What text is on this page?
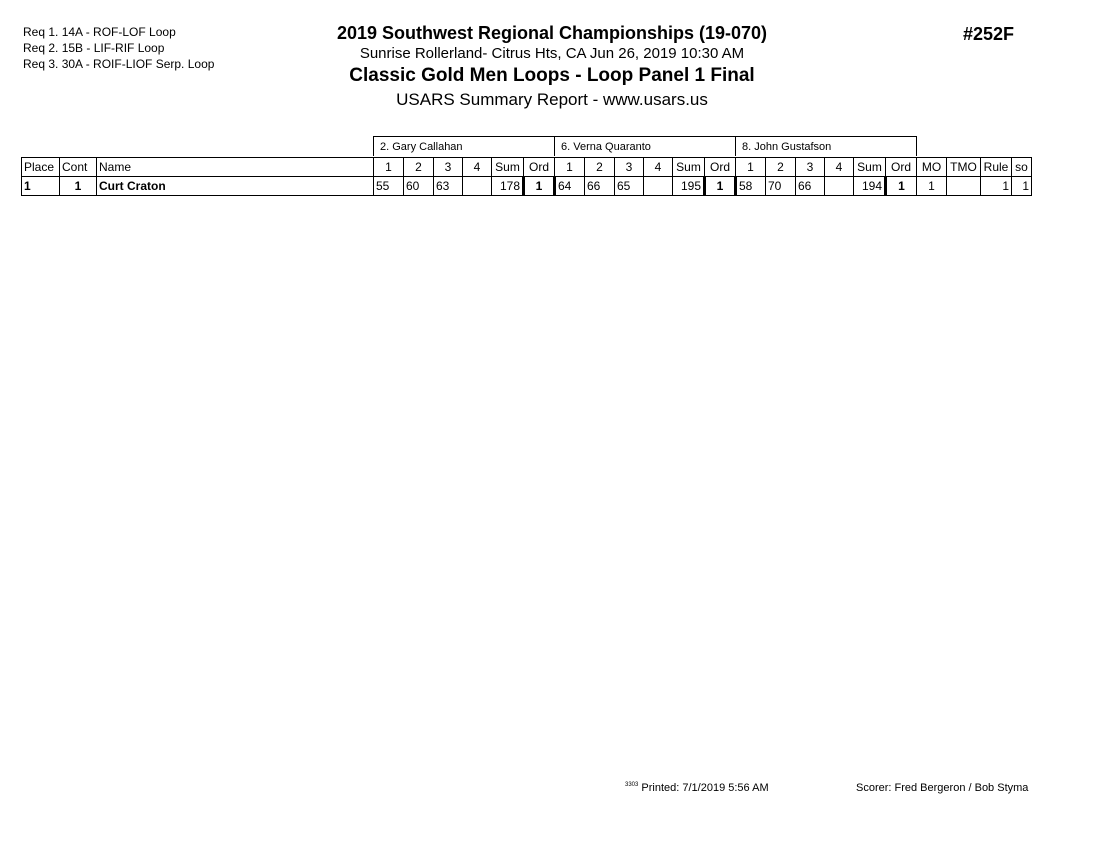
Req 1. 14A - ROF-LOF Loop
Req 2. 15B - LIF-RIF Loop
Req 3. 30A - ROIF-LIOF Serp. Loop
2019 Southwest Regional Championships (19-070)
Sunrise Rollerland- Citrus Hts, CA Jun 26, 2019 10:30 AM
Classic Gold Men Loops - Loop Panel 1 Final
USARS Summary Report - www.usars.us
#252F
2. Gary Callahan	6. Verna Quaranto	8. John Gustafson
Place	Cont	Name	1	2	3	4	Sum	Ord	1	2	3	4	Sum	Ord	1	2	3	4	Sum	Ord	MO	TMO	Rule	so
1	1	Curt Craton	55	60	63		178	1	64	66	65		195	1	58	70	66		194	1	1		1	1
$^{3303}$ Printed: 7/1/2019 5:56 AM	Scorer: Fred Bergeron / Bob Styma
